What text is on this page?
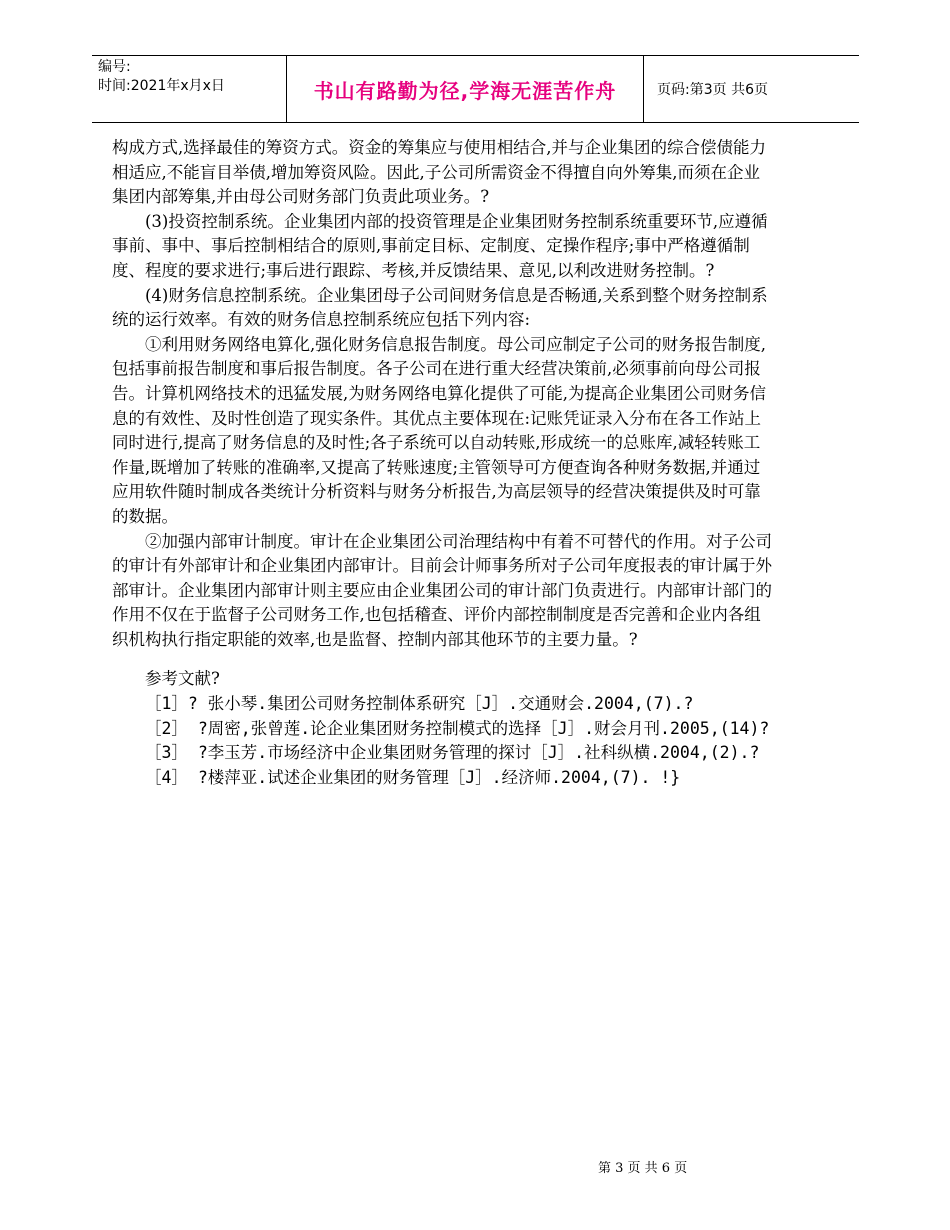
编号:
时间:2021年x月x日	书山有路勤为径,学海无涯苦作舟	页码:第3页 共6页

构成方式,选择最佳的筹资方式。资金的筹集应与使用相结合,并与企业集团的综合偿债能力相适应,不能盲目举债,增加筹资风险。因此,子公司所需资金不得擅自向外筹集,而须在企业集团内部筹集,并由母公司财务部门负责此项业务。?

(3)投资控制系统。企业集团内部的投资管理是企业集团财务控制系统重要环节,应遵循事前、事中、事后控制相结合的原则,事前定目标、定制度、定操作程序;事中严格遵循制度、程度的要求进行;事后进行跟踪、考核,并反馈结果、意见,以利改进财务控制。?

(4)财务信息控制系统。企业集团母子公司间财务信息是否畅通,关系到整个财务控制系统的运行效率。有效的财务信息控制系统应包括下列内容:

①利用财务网络电算化,强化财务信息报告制度。母公司应制定子公司的财务报告制度,包括事前报告制度和事后报告制度。各子公司在进行重大经营决策前,必须事前向母公司报告。计算机网络技术的迅猛发展,为财务网络电算化提供了可能,为提高企业集团公司财务信息的有效性、及时性创造了现实条件。其优点主要体现在:记账凭证录入分布在各工作站上同时进行,提高了财务信息的及时性;各子系统可以自动转账,形成统一的总账库,减轻转账工作量,既增加了转账的准确率,又提高了转账速度;主管领导可方便查询各种财务数据,并通过应用软件随时制成各类统计分析资料与财务分析报告,为高层领导的经营决策提供及时可靠的数据。

②加强内部审计制度。审计在企业集团公司治理结构中有着不可替代的作用。对子公司的审计有外部审计和企业集团内部审计。目前会计师事务所对子公司年度报表的审计属于外部审计。企业集团内部审计则主要应由企业集团公司的审计部门负责进行。内部审计部门的作用不仅在于监督子公司财务工作,也包括稽查、评价内部控制制度是否完善和企业内各组织机构执行指定职能的效率,也是监督、控制内部其他环节的主要力量。?

参考文献?

［1］? 张小琴.集团公司财务控制体系研究［J］.交通财会.2004,(7).?

［2］ ?周密,张曾莲.论企业集团财务控制模式的选择［J］.财会月刊.2005,(14)?

［3］ ?李玉芳.市场经济中企业集团财务管理的探讨［J］.社科纵横.2004,(2).?

［4］ ?楼萍亚.试述企业集团的财务管理［J］.经济师.2004,(7). !}

第 3 页 共 6 页
